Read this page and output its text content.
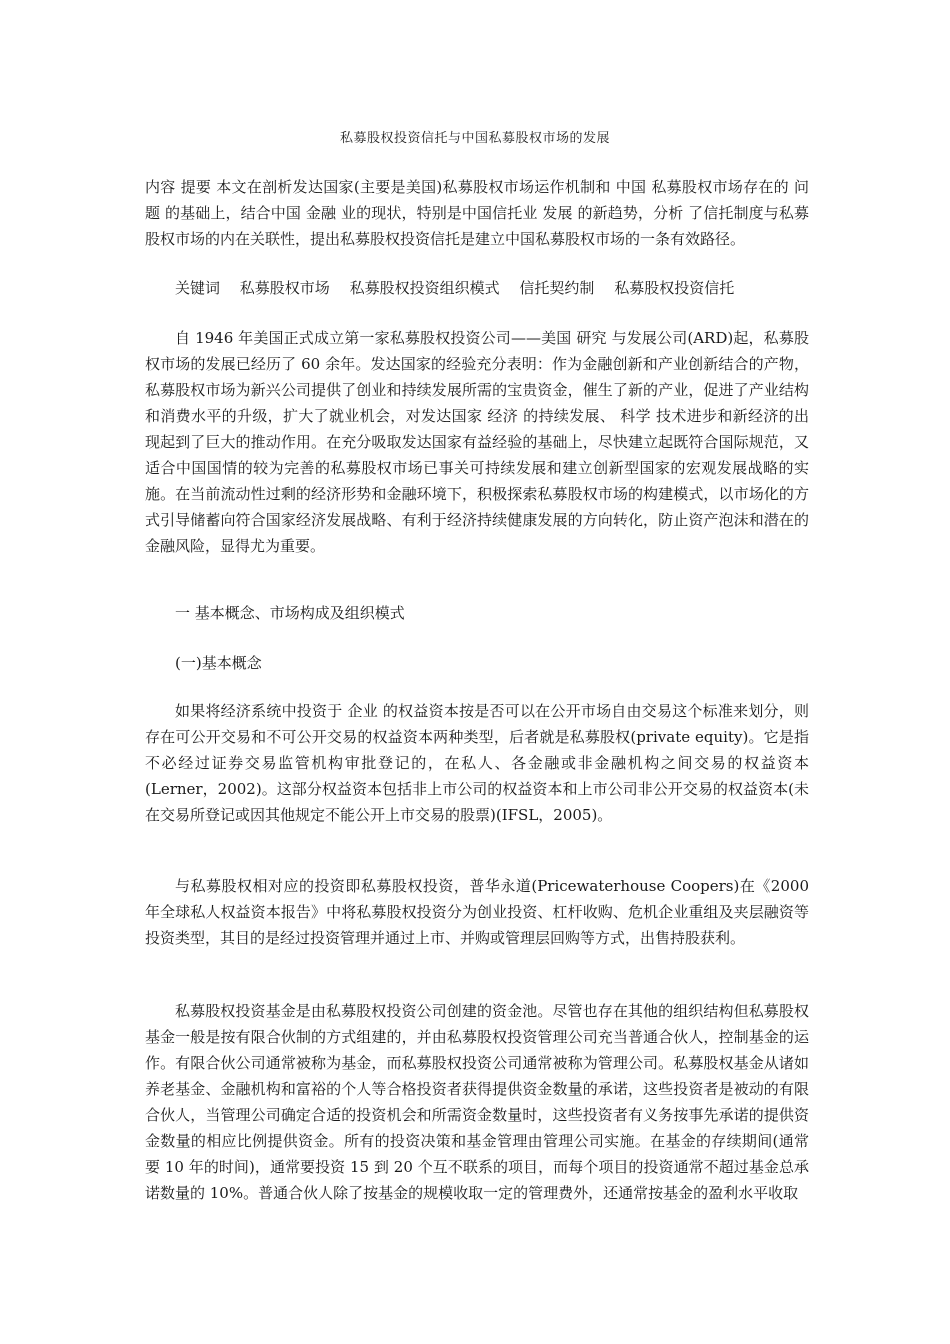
私募股权投资信托与中国私募股权市场的发展

内容 提要 本文在剖析发达国家(主要是美国)私募股权市场运作机制和 中国 私募股权市场存在的 问题 的基础上，结合中国 金融 业的现状，特别是中国信托业 发展 的新趋势，分析 了信托制度与私募股权市场的内在关联性，提出私募股权投资信托是建立中国私募股权市场的一条有效路径。

关键词 私募股权市场 私募股权投资组织模式 信托契约制 私募股权投资信托

自 1946 年美国正式成立第一家私募股权投资公司——美国 研究 与发展公司(ARD)起，私募股权市场的发展已经历了 60 余年。发达国家的经验充分表明：作为金融创新和产业创新结合的产物，私募股权市场为新兴公司提供了创业和持续发展所需的宝贵资金，催生了新的产业，促进了产业结构和消费水平的升级，扩大了就业机会，对发达国家 经济 的持续发展、 科学 技术进步和新经济的出现起到了巨大的推动作用。在充分吸取发达国家有益经验的基础上，尽快建立起既符合国际规范，又适合中国国情的较为完善的私募股权市场已事关可持续发展和建立创新型国家的宏观发展战略的实施。在当前流动性过剩的经济形势和金融环境下，积极探索私募股权市场的构建模式，以市场化的方式引导储蓄向符合国家经济发展战略、有利于经济持续健康发展的方向转化，防止资产泡沫和潜在的金融风险，显得尤为重要。

一 基本概念、市场构成及组织模式

(一)基本概念

如果将经济系统中投资于 企业 的权益资本按是否可以在公开市场自由交易这个标准来划分，则存在可公开交易和不可公开交易的权益资本两种类型，后者就是私募股权(private equity)。它是指不必经过证券交易监管机构审批登记的，在私人、各金融或非金融机构之间交易的权益资本(Lerner，2002)。这部分权益资本包括非上市公司的权益资本和上市公司非公开交易的权益资本(未在交易所登记或因其他规定不能公开上市交易的股票)(IFSL，2005)。

与私募股权相对应的投资即私募股权投资，普华永道(Pricewaterhouse Coopers)在《2000 年全球私人权益资本报告》中将私募股权投资分为创业投资、杠杆收购、危机企业重组及夹层融资等投资类型，其目的是经过投资管理并通过上市、并购或管理层回购等方式，出售持股获利。

私募股权投资基金是由私募股权投资公司创建的资金池。尽管也存在其他的组织结构但私募股权基金一般是按有限合伙制的方式组建的，并由私募股权投资管理公司充当普通合伙人，控制基金的运作。有限合伙公司通常被称为基金，而私募股权投资公司通常被称为管理公司。私募股权基金从诸如养老基金、金融机构和富裕的个人等合格投资者获得提供资金数量的承诺，这些投资者是被动的有限合伙人，当管理公司确定合适的投资机会和所需资金数量时，这些投资者有义务按事先承诺的提供资金数量的相应比例提供资金。所有的投资决策和基金管理由管理公司实施。在基金的存续期间(通常要 10 年的时间)，通常要投资 15 到 20 个互不联系的项目，而每个项目的投资通常不超过基金总承诺数量的 10%。普通合伙人除了按基金的规模收取一定的管理费外，还通常按基金的盈利水平收取
